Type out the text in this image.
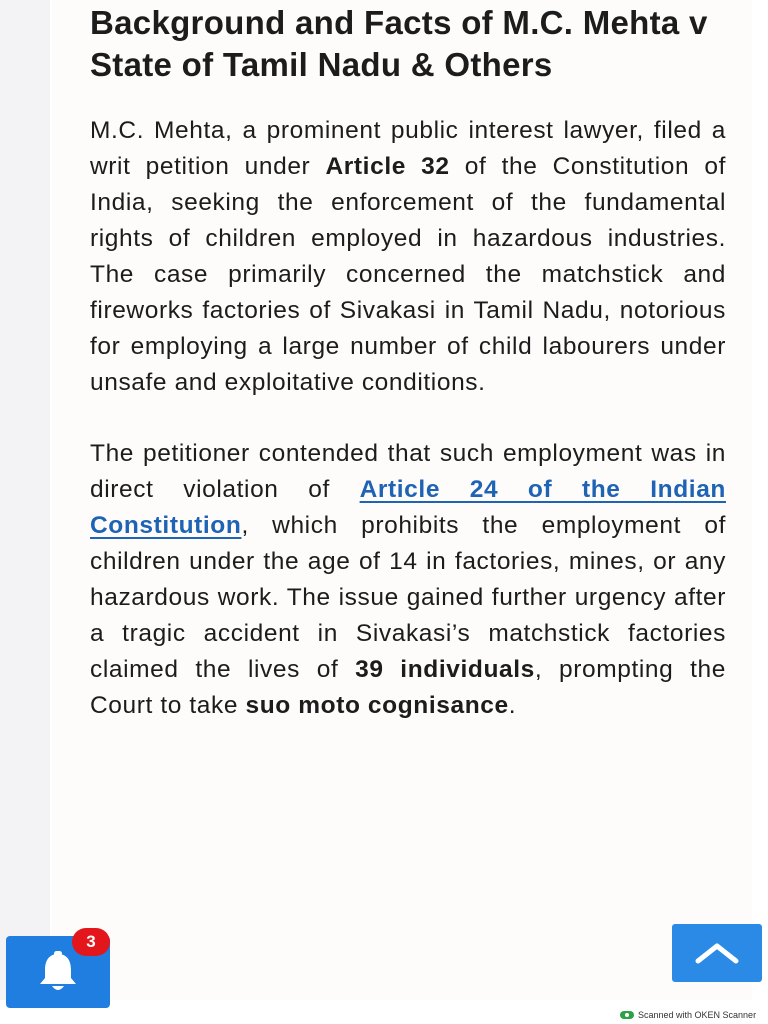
Background and Facts of M.C. Mehta v State of Tamil Nadu & Others

M.C. Mehta, a prominent public interest lawyer, filed a writ petition under Article 32 of the Constitution of India, seeking the enforcement of the fundamental rights of children employed in hazardous industries. The case primarily concerned the matchstick and fireworks factories of Sivakasi in Tamil Nadu, notorious for employing a large number of child labourers under unsafe and exploitative conditions.

The petitioner contended that such employment was in direct violation of Article 24 of the Indian Constitution, which prohibits the employment of children under the age of 14 in factories, mines, or any hazardous work. The issue gained further urgency after a tragic accident in Sivakasi’s matchstick factories claimed the lives of 39 individuals, prompting the Court to take suo moto cognisance.

3
Scanned with OKEN Scanner
